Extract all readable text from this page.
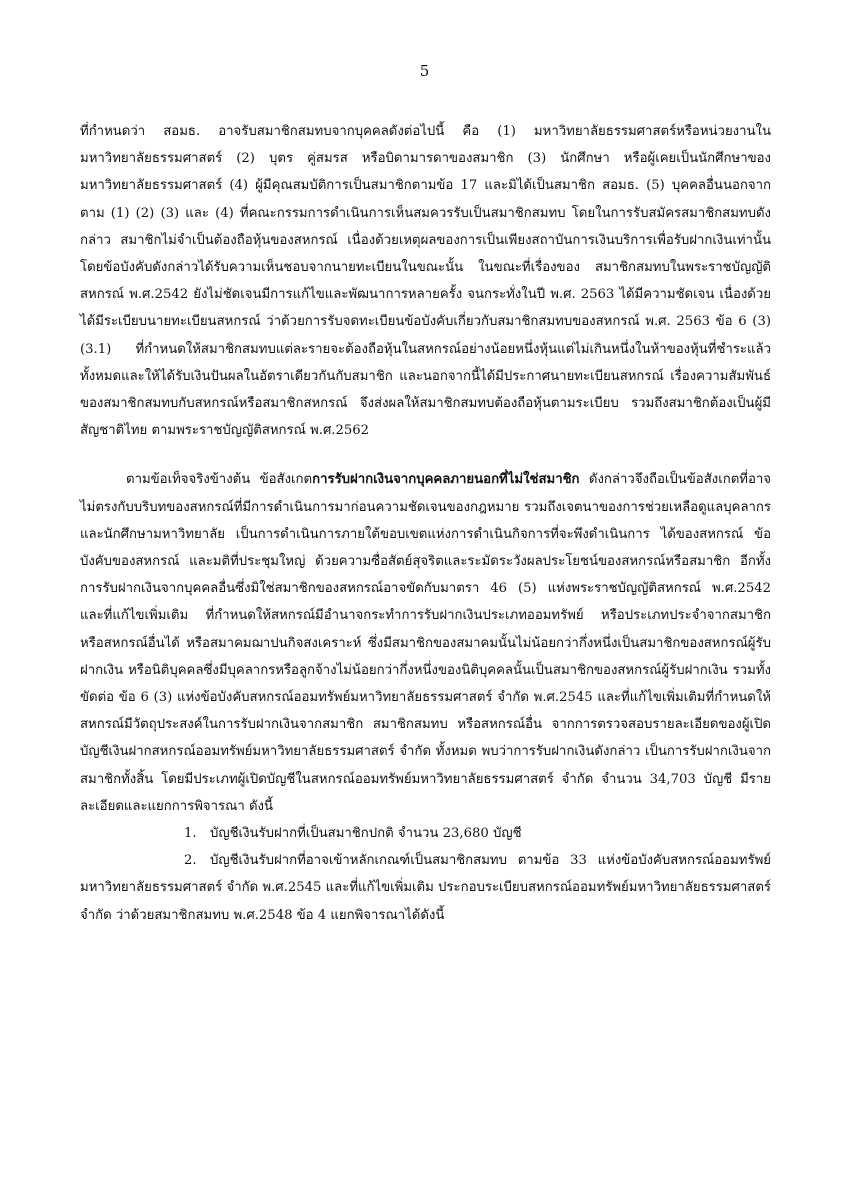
5

ที่กำหนดว่า สอมธ. อาจรับสมาชิกสมทบจากบุคคลดังต่อไปนี้ คือ (1) มหาวิทยาลัยธรรมศาสตร์หรือหน่วยงานในมหาวิทยาลัยธรรมศาสตร์ (2) บุตร คู่สมรส หรือบิดามารดาของสมาชิก (3) นักศึกษา หรือผู้เคยเป็นนักศึกษาของมหาวิทยาลัยธรรมศาสตร์ (4) ผู้มีคุณสมบัติการเป็นสมาชิกตามข้อ 17 และมิได้เป็นสมาชิก สอมธ. (5) บุคคลอื่นนอกจากตาม (1) (2) (3) และ (4) ที่คณะกรรมการดำเนินการเห็นสมควรรับเป็นสมาชิกสมทบ โดยในการรับสมัครสมาชิกสมทบดังกล่าว สมาชิกไม่จำเป็นต้องถือหุ้นของสหกรณ์ เนื่องด้วยเหตุผลของการเป็นเพียงสถาบันการเงินบริการเพื่อรับฝากเงินเท่านั้น โดยข้อบังคับดังกล่าวได้รับความเห็นชอบจากนายทะเบียนในขณะนั้น ในขณะที่เรื่องของ สมาชิกสมทบในพระราชบัญญัติสหกรณ์ พ.ศ.2542 ยังไม่ชัดเจนมีการแก้ไขและพัฒนาการหลายครั้ง จนกระทั่งในปี พ.ศ. 2563 ได้มีความชัดเจน เนื่องด้วยได้มีระเบียบนายทะเบียนสหกรณ์ ว่าด้วยการรับจดทะเบียนข้อบังคับเกี่ยวกับสมาชิกสมทบของสหกรณ์ พ.ศ. 2563 ข้อ 6 (3) (3.1) ที่กำหนดให้สมาชิกสมทบแต่ละรายจะต้องถือหุ้นในสหกรณ์อย่างน้อยหนึ่งหุ้นแต่ไม่เกินหนึ่งในห้าของหุ้นที่ชำระแล้วทั้งหมดและให้ได้รับเงินปันผลในอัตราเดียวกันกับสมาชิก และนอกจากนี้ได้มีประกาศนายทะเบียนสหกรณ์ เรื่องความสัมพันธ์ของสมาชิกสมทบกับสหกรณ์หรือสมาชิกสหกรณ์ จึงส่งผลให้สมาชิกสมทบต้องถือหุ้นตามระเบียบ รวมถึงสมาชิกต้องเป็นผู้มีสัญชาติไทย ตามพระราชบัญญัติสหกรณ์ พ.ศ.2562

ตามข้อเท็จจริงข้างต้น ข้อสังเกตการรับฝากเงินจากบุคคลภายนอกที่ไม่ใช่สมาชิก ดังกล่าวจึงถือเป็นข้อสังเกตที่อาจไม่ตรงกับบริบทของสหกรณ์ที่มีการดำเนินการมาก่อนความชัดเจนของกฎหมาย รวมถึงเจตนาของการช่วยเหลือดูแลบุคลากรและนักศึกษามหาวิทยาลัย เป็นการดำเนินการภายใต้ขอบเขตแห่งการดำเนินกิจการที่จะพึงดำเนินการ ได้ของสหกรณ์ ข้อบังคับของสหกรณ์ และมติที่ประชุมใหญ่ ด้วยความซื่อสัตย์สุจริตและระมัดระวังผลประโยชน์ของสหกรณ์หรือสมาชิก อีกทั้งการรับฝากเงินจากบุคคลอื่นซึ่งมิใช่สมาชิกของสหกรณ์อาจขัดกับมาตรา 46 (5) แห่งพระราชบัญญัติสหกรณ์ พ.ศ.2542 และที่แก้ไขเพิ่มเติม ที่กำหนดให้สหกรณ์มีอำนาจกระทำการรับฝากเงินประเภทออมทรัพย์ หรือประเภทประจำจากสมาชิก หรือสหกรณ์อื่นได้ หรือสมาคมฌาปนกิจสงเคราะห์ ซึ่งมีสมาชิกของสมาคมนั้นไม่น้อยกว่ากึ่งหนึ่งเป็นสมาชิกของสหกรณ์ผู้รับฝากเงิน หรือนิติบุคคลซึ่งมีบุคลากรหรือลูกจ้างไม่น้อยกว่ากึ่งหนึ่งของนิติบุคคลนั้นเป็นสมาชิกของสหกรณ์ผู้รับฝากเงิน รวมทั้งขัดต่อ ข้อ 6 (3) แห่งข้อบังคับสหกรณ์ออมทรัพย์มหาวิทยาลัยธรรมศาสตร์ จำกัด พ.ศ.2545 และที่แก้ไขเพิ่มเติมที่กำหนดให้ สหกรณ์มีวัตถุประสงค์ในการรับฝากเงินจากสมาชิก สมาชิกสมทบ หรือสหกรณ์อื่น จากการตรวจสอบรายละเอียดของผู้เปิดบัญชีเงินฝากสหกรณ์ออมทรัพย์มหาวิทยาลัยธรรมศาสตร์ จำกัด ทั้งหมด พบว่าการรับฝากเงินดังกล่าว เป็นการรับฝากเงินจากสมาชิกทั้งสิ้น โดยมีประเภทผู้เปิดบัญชีในสหกรณ์ออมทรัพย์มหาวิทยาลัยธรรมศาสตร์ จำกัด จำนวน 34,703 บัญชี มีรายละเอียดและแยกการพิจารณา ดังนี้

1. บัญชีเงินรับฝากที่เป็นสมาชิกปกติ จำนวน 23,680 บัญชี
2. บัญชีเงินรับฝากที่อาจเข้าหลักเกณฑ์เป็นสมาชิกสมทบ ตามข้อ 33 แห่งข้อบังคับสหกรณ์ออมทรัพย์มหาวิทยาลัยธรรมศาสตร์ จำกัด พ.ศ.2545 และที่แก้ไขเพิ่มเติม ประกอบระเบียบสหกรณ์ออมทรัพย์มหาวิทยาลัยธรรมศาสตร์ จำกัด ว่าด้วยสมาชิกสมทบ พ.ศ.2548 ข้อ 4 แยกพิจารณาได้ดังนี้
